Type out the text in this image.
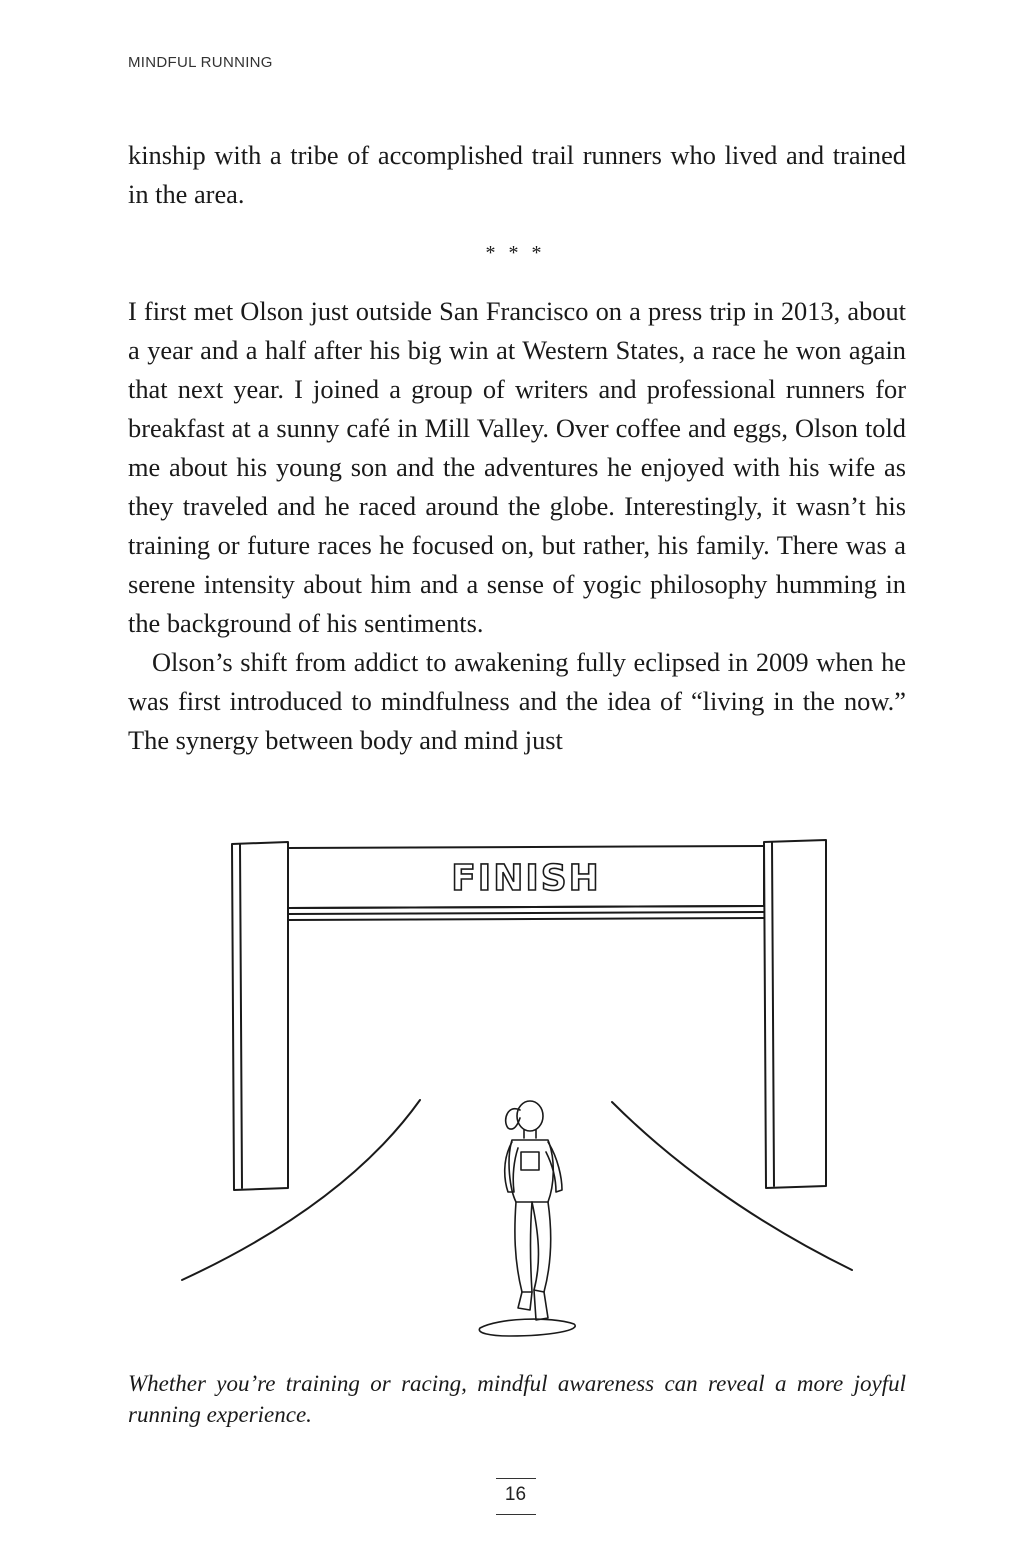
MINDFUL RUNNING

kinship with a tribe of accomplished trail runners who lived and trained in the area.

* * *

I first met Olson just outside San Francisco on a press trip in 2013, about a year and a half after his big win at Western States, a race he won again that next year. I joined a group of writers and professional runners for breakfast at a sunny café in Mill Valley. Over coffee and eggs, Olson told me about his young son and the adventures he enjoyed with his wife as they traveled and he raced around the globe. Interestingly, it wasn’t his training or future races he focused on, but rather, his family. There was a serene intensity about him and a sense of yogic philosophy humming in the background of his sentiments.

Olson’s shift from addict to awakening fully eclipsed in 2009 when he was first introduced to mindfulness and the idea of “living in the now.” The synergy between body and mind just

FINISH
Whether you’re training or racing, mindful awareness can reveal a more joyful running experience.
16
